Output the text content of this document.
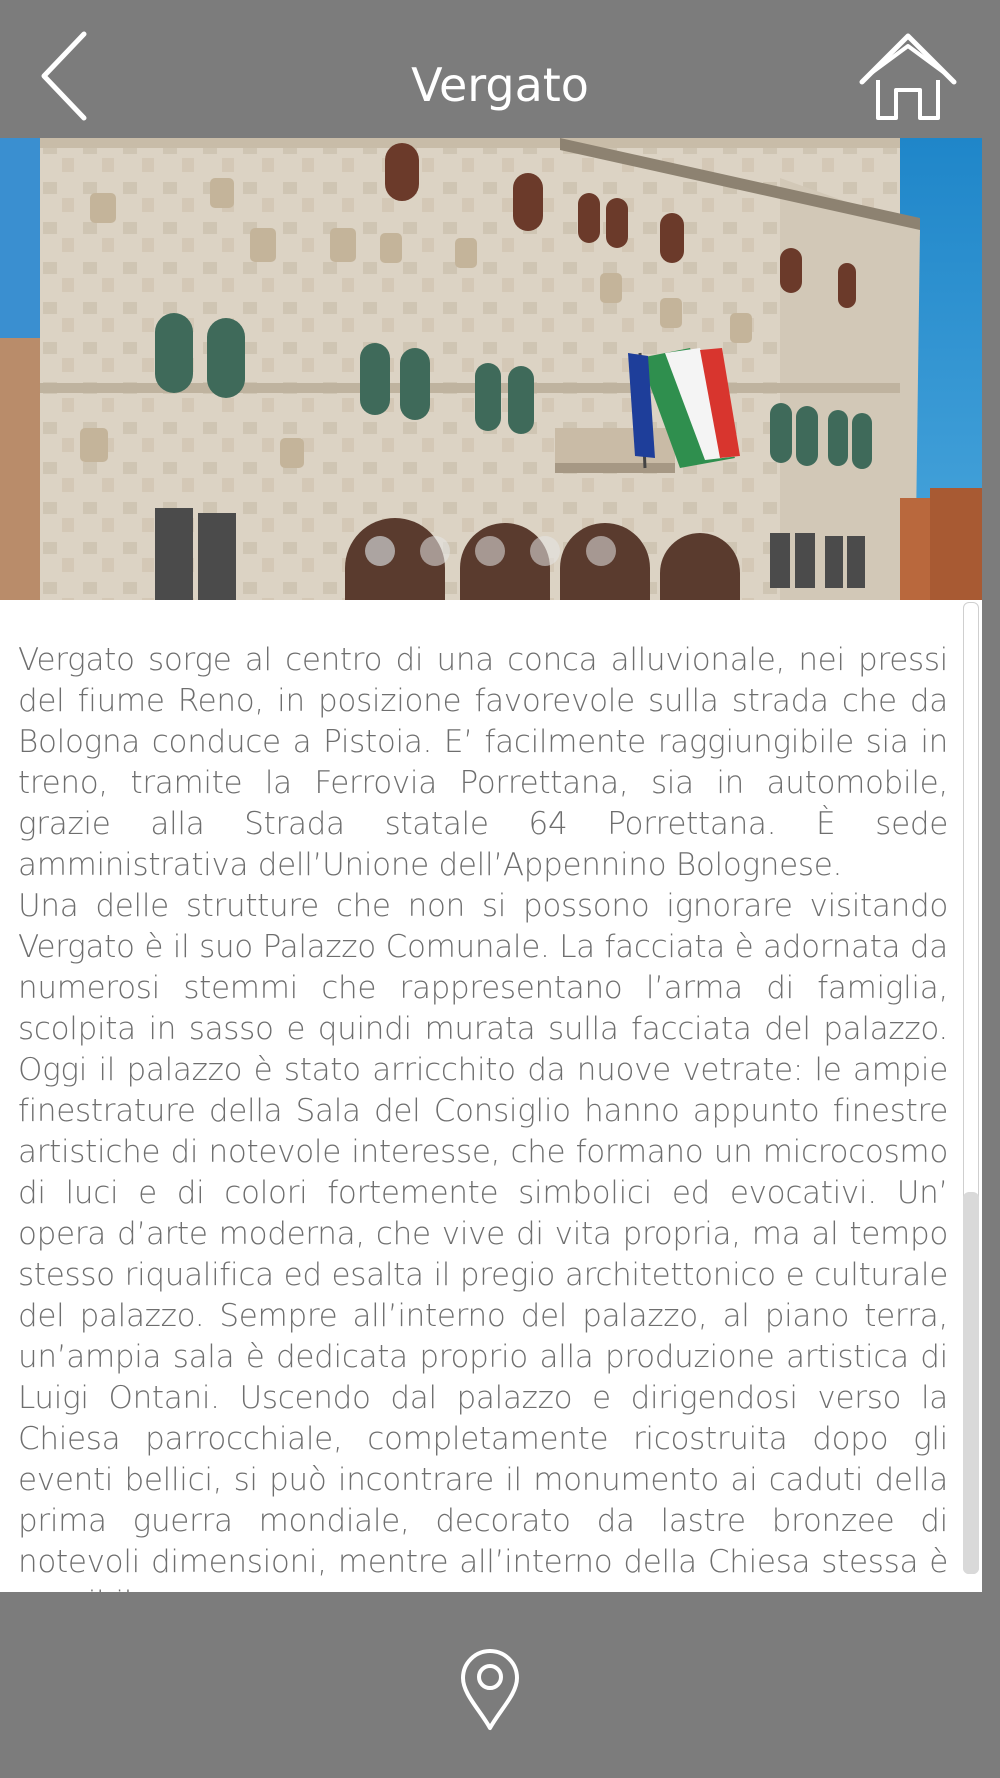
Vergato

Vergato sorge al centro di una conca alluvionale, nei pressi del fiume Reno, in posizione favorevole sulla strada che da Bologna conduce a Pistoia. E’ facilmente raggiungibile sia in treno, tramite la Ferrovia Porrettana, sia in automobile, grazie alla Strada statale 64 Porrettana. È sede amministrativa dell’Unione dell’Appennino Bolognese.
Una delle strutture che non si possono ignorare visitando Vergato è il suo Palazzo Comunale. La facciata è adornata da numerosi stemmi che rappresentano l’arma di famiglia, scolpita in sasso e quindi murata sulla facciata del palazzo. Oggi il palazzo è stato arricchito da nuove vetrate: le ampie finestrature della Sala del Consiglio hanno appunto finestre artistiche di notevole interesse, che formano un microcosmo di luci e di colori fortemente simbolici ed evocativi. Un’ opera d’arte moderna, che vive di vita propria, ma al tempo stesso riqualifica ed esalta il pregio architettonico e culturale del palazzo. Sempre all’interno del palazzo, al piano terra, un’ampia sala è dedicata proprio alla produzione artistica di Luigi Ontani. Uscendo dal palazzo e dirigendosi verso la Chiesa parrocchiale, completamente ricostruita dopo gli eventi bellici, si può incontrare il monumento ai caduti della prima guerra mondiale, decorato da lastre bronzee di notevoli dimensioni, mentre all’interno della Chiesa stessa è
